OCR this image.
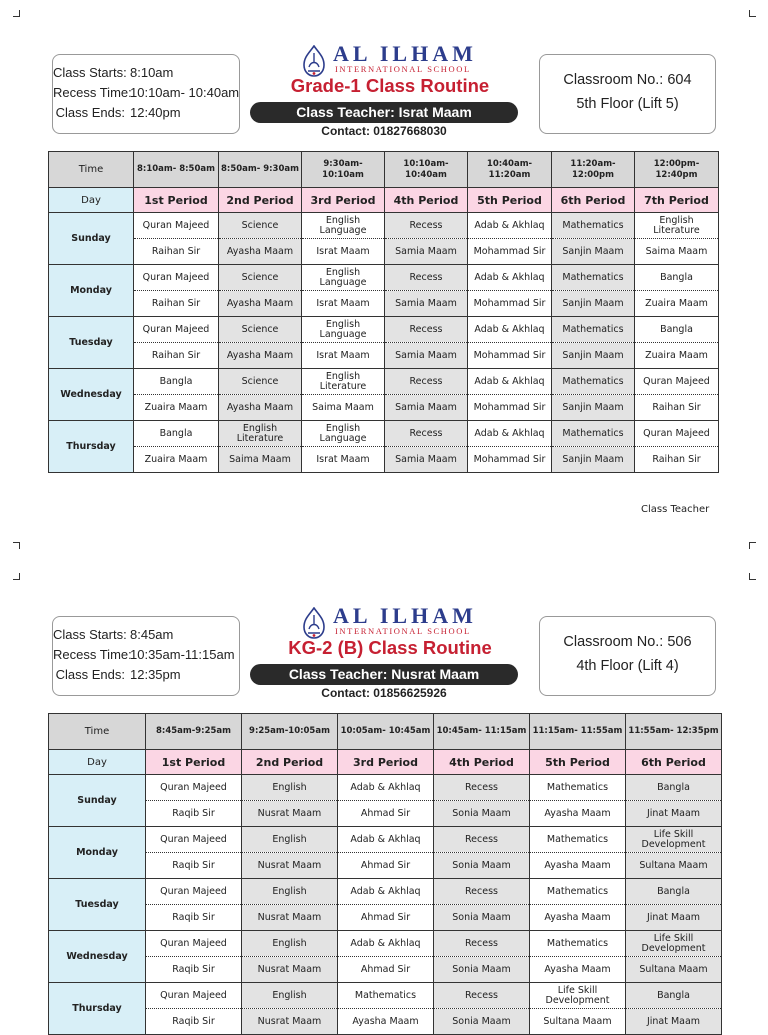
Class Starts: 8:10am
Recess Time:10:10am- 10:40am
Class Ends: 12:40pm
Classroom No.: 604
5th Floor (Lift 5)
AL ILHAM
INTERNATIONAL SCHOOL
Grade-1 Class Routine
Class Teacher: Israt Maam
Contact: 01827668030
Time	8:10am- 8:50am	8:50am- 9:30am	9:30am- 10:10am	10:10am- 10:40am	10:40am- 11:20am	11:20am- 12:00pm	12:00pm- 12:40pm
Day	1st Period	2nd Period	3rd Period	4th Period	5th Period	6th Period	7th Period
Sunday	Quran Majeed	Science	English Language	Recess	Adab & Akhlaq	Mathematics	English Literature
	Raihan Sir	Ayasha Maam	Israt Maam	Samia Maam	Mohammad Sir	Sanjin Maam	Saima Maam
Monday	Quran Majeed	Science	English Language	Recess	Adab & Akhlaq	Mathematics	Bangla
	Raihan Sir	Ayasha Maam	Israt Maam	Samia Maam	Mohammad Sir	Sanjin Maam	Zuaira Maam
Tuesday	Quran Majeed	Science	English Language	Recess	Adab & Akhlaq	Mathematics	Bangla
	Raihan Sir	Ayasha Maam	Israt Maam	Samia Maam	Mohammad Sir	Sanjin Maam	Zuaira Maam
Wednesday	Bangla	Science	English Literature	Recess	Adab & Akhlaq	Mathematics	Quran Majeed
	Zuaira Maam	Ayasha Maam	Saima Maam	Samia Maam	Mohammad Sir	Sanjin Maam	Raihan Sir
Thursday	Bangla	English Literature	English Language	Recess	Adab & Akhlaq	Mathematics	Quran Majeed
	Zuaira Maam	Saima Maam	Israt Maam	Samia Maam	Mohammad Sir	Sanjin Maam	Raihan Sir
Class Teacher
Class Starts: 8:45am
Recess Time:10:35am-11:15am
Class Ends: 12:35pm
Classroom No.: 506
4th Floor (Lift 4)
AL ILHAM
INTERNATIONAL SCHOOL
KG-2 (B) Class Routine
Class Teacher: Nusrat Maam
Contact: 01856625926
Time	8:45am-9:25am	9:25am-10:05am	10:05am- 10:45am	10:45am- 11:15am	11:15am- 11:55am	11:55am- 12:35pm
Day	1st Period	2nd Period	3rd Period	4th Period	5th Period	6th Period
Sunday	Quran Majeed	English	Adab & Akhlaq	Recess	Mathematics	Bangla
	Raqib Sir	Nusrat Maam	Ahmad Sir	Sonia Maam	Ayasha Maam	Jinat Maam
Monday	Quran Majeed	English	Adab & Akhlaq	Recess	Mathematics	Life Skill Development
	Raqib Sir	Nusrat Maam	Ahmad Sir	Sonia Maam	Ayasha Maam	Sultana Maam
Tuesday	Quran Majeed	English	Adab & Akhlaq	Recess	Mathematics	Bangla
	Raqib Sir	Nusrat Maam	Ahmad Sir	Sonia Maam	Ayasha Maam	Jinat Maam
Wednesday	Quran Majeed	English	Adab & Akhlaq	Recess	Mathematics	Life Skill Development
	Raqib Sir	Nusrat Maam	Ahmad Sir	Sonia Maam	Ayasha Maam	Sultana Maam
Thursday	Quran Majeed	English	Mathematics	Recess	Life Skill Development	Bangla
	Raqib Sir	Nusrat Maam	Ayasha Maam	Sonia Maam	Sultana Maam	Jinat Maam
